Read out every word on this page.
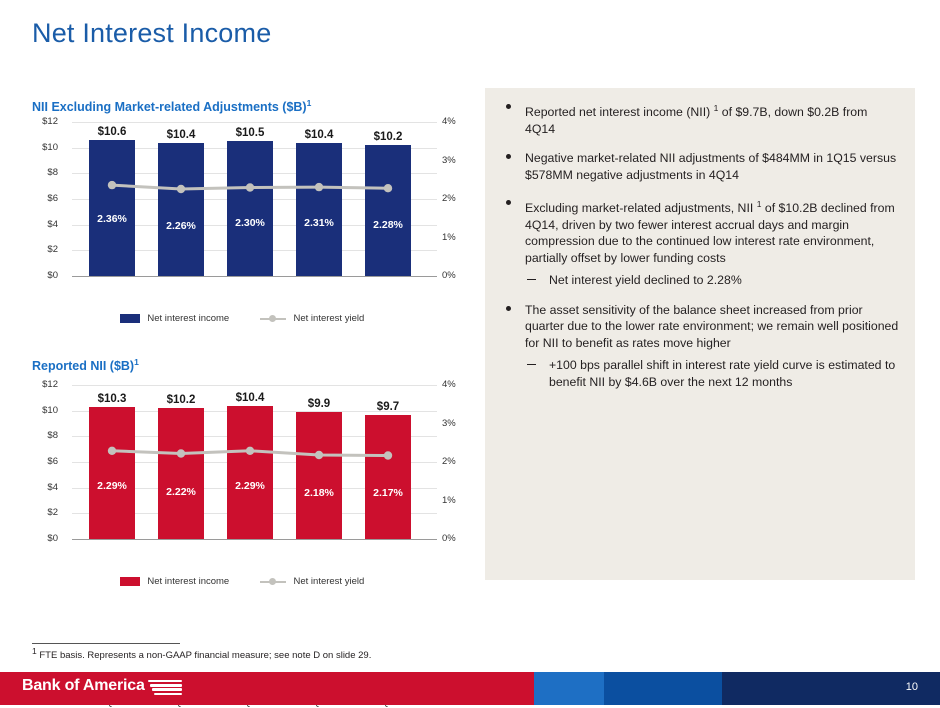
Net Interest Income
NII Excluding Market-related Adjustments ($B)$^1$
$12
$10
$8
$6
$4
$2
$0
4%
3%
2%
1%
0%
$10.6
2.36%
$10.4
2.26%
$10.5
2.30%
$10.4
2.31%
$10.2
2.28%
Net interest income	Net interest yield
Reported NII ($B)$^1$
$12
$10
$8
$6
$4
$2
$0
4%
3%
2%
1%
0%
$10.3
2.29%
$10.2
2.22%
$10.4
2.29%
$9.9
2.18%
$9.7
2.17%
Net interest income	Net interest yield
Reported net interest income (NII) $^1$ of $9.7B, down $0.2B from 4Q14
Negative market-related NII adjustments of $484MM in 1Q15 versus $578MM negative adjustments in 4Q14
Excluding market-related adjustments, NII $^1$ of $10.2B declined from 4Q14, driven by two fewer interest accrual days and margin compression due to the continued low interest rate environment, partially offset by lower funding costs
Net interest yield declined to 2.28%
The asset sensitivity of the balance sheet increased from prior quarter due to the lower rate environment; we remain well positioned for NII to benefit as rates move higher
+100 bps parallel shift in interest rate yield curve is estimated to benefit NII by $4.6B over the next 12 months
1 FTE basis. Represents a non-GAAP financial measure; see note D on slide 29.
Bank of America	10
